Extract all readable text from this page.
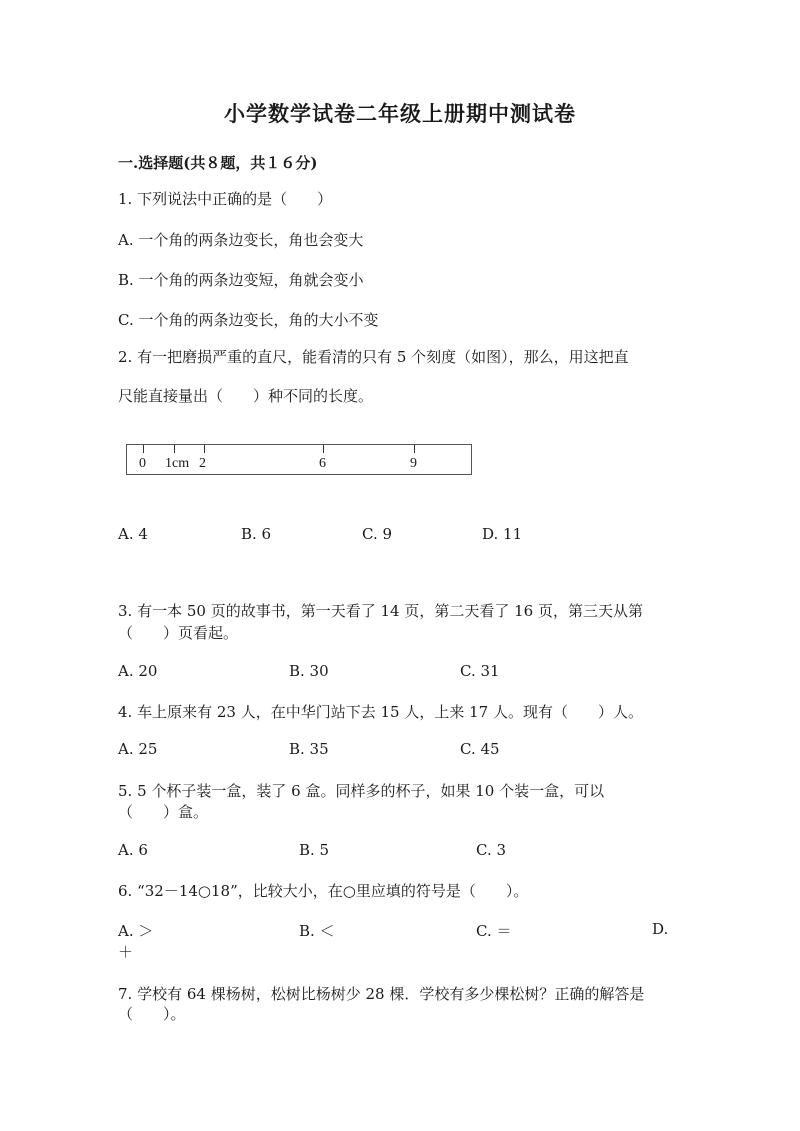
小学数学试卷二年级上册期中测试卷
一.选择题(共８题，共１６分)
1. 下列说法中正确的是（　　）
A. 一个角的两条边变长，角也会变大
B. 一个角的两条边变短，角就会变小
C. 一个角的两条边变长，角的大小不变
2. 有一把磨损严重的直尺，能看清的只有 5 个刻度（如图），那么，用这把直
尺能直接量出（　　）种不同的长度。
0 1cm 2	6	9
A. 4	B. 6	C. 9	D. 11
3. 有一本 50 页的故事书，第一天看了 14 页，第二天看了 16 页，第三天从第
（　　）页看起。
A. 20	B. 30	C. 31
4. 车上原来有 23 人，在中华门站下去 15 人，上来 17 人。现有（　　）人。
A. 25	B. 35	C. 45
5. 5 个杯子装一盒，装了 6 盒。同样多的杯子，如果 10 个装一盒，可以
（　　）盒。
A. 6	B. 5	C. 3
6. “32－14○18”，比较大小，在○里应填的符号是（　　）。
A. ＞	B. ＜	C. ＝	D.
＋
7. 学校有 64 棵杨树，松树比杨树少 28 棵．学校有多少棵松树？正确的解答是
（　　）。
